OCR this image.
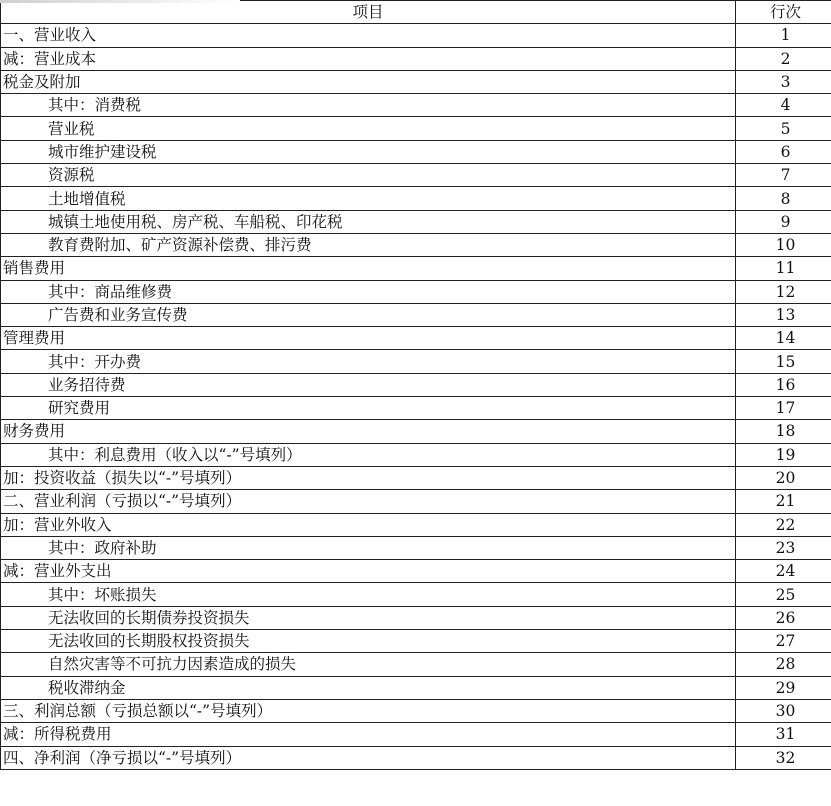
项目	行次
一、营业收入	1
减：营业成本	2
税金及附加	3
其中：消费税	4
营业税	5
城市维护建设税	6
资源税	7
土地增值税	8
城镇土地使用税、房产税、车船税、印花税	9
教育费附加、矿产资源补偿费、排污费	10
销售费用	11
其中：商品维修费	12
广告费和业务宣传费	13
管理费用	14
其中：开办费	15
业务招待费	16
研究费用	17
财务费用	18
其中：利息费用（收入以“-”号填列）	19
加：投资收益（损失以“-”号填列）	20
二、营业利润（亏损以“-”号填列）	21
加：营业外收入	22
其中：政府补助	23
减：营业外支出	24
其中：坏账损失	25
无法收回的长期债券投资损失	26
无法收回的长期股权投资损失	27
自然灾害等不可抗力因素造成的损失	28
税收滞纳金	29
三、利润总额（亏损总额以“-”号填列）	30
减：所得税费用	31
四、净利润（净亏损以“-”号填列）	32
